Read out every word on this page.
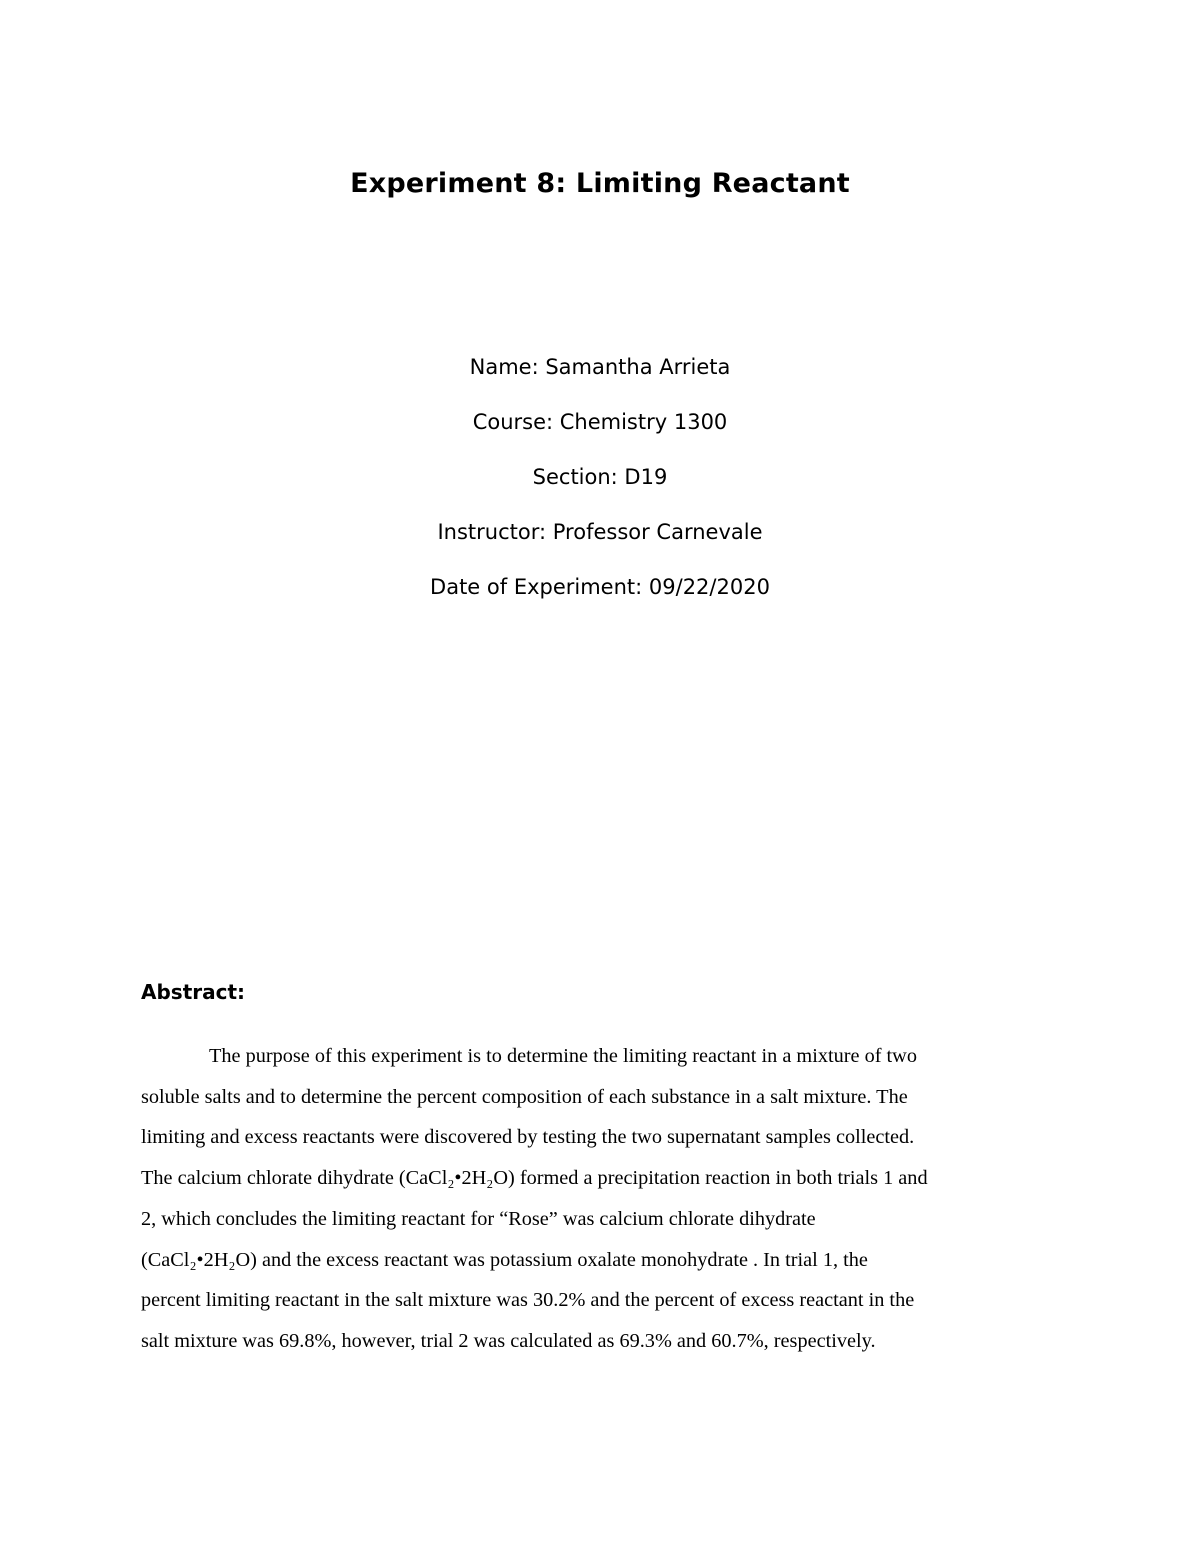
Experiment 8: Limiting Reactant
Name: Samantha Arrieta
Course: Chemistry 1300
Section: D19
Instructor: Professor Carnevale
Date of Experiment: 09/22/2020
Abstract:
The purpose of this experiment is to determine the limiting reactant in a mixture of two
soluble salts and to determine the percent composition of each substance in a salt mixture. The
limiting and excess reactants were discovered by testing the two supernatant samples collected.
The calcium chlorate dihydrate (CaCl₂•2H₂O) formed a precipitation reaction in both trials 1 and
2, which concludes the limiting reactant for “Rose” was calcium chlorate dihydrate
(CaCl₂•2H₂O) and the excess reactant was potassium oxalate monohydrate . In trial 1, the
percent limiting reactant in the salt mixture was 30.2% and the percent of excess reactant in the
salt mixture was 69.8%, however, trial 2 was calculated as 69.3% and 60.7%, respectively.
